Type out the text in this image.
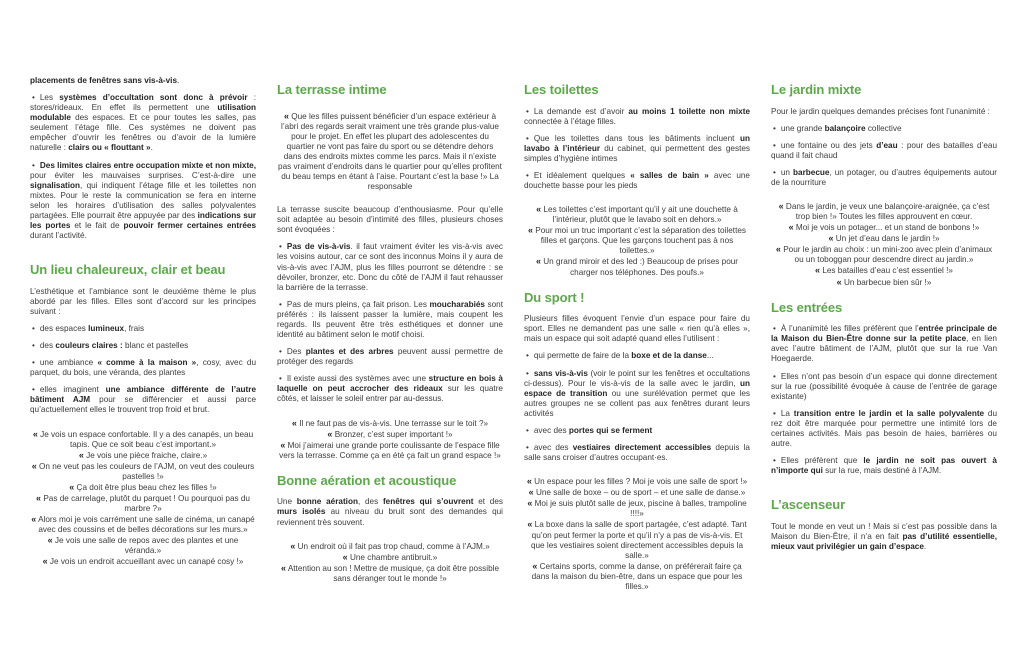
placements de fenêtres sans vis-à-vis.
• Les systèmes d’occultation sont donc à prévoir : stores/rideaux. En effet ils permettent une utilisation modulable des espaces. Et ce pour toutes les salles, pas seulement l’étage fille. Ces systèmes ne doivent pas empêcher d’ouvrir les fenêtres ou d’avoir de la lumière naturelle : clairs ou « flouttant ».
• Des limites claires entre occupation mixte et non mixte, pour éviter les mauvaises surprises. C’est-à-dire une signalisation, qui indiquent l’étage fille et les toilettes non mixtes. Pour le reste la communication se fera en interne selon les horaires d’utilisation des salles polyvalentes partagées. Elle pourrait être appuyée par des indications sur les portes et le fait de pouvoir fermer certaines entrées durant l’activité.
Un lieu chaleureux, clair et beau
L’esthétique et l’ambiance sont le deuxième thème le plus abordé par les filles. Elles sont d’accord sur les principes suivant :
• des espaces lumineux, frais
• des couleurs claires : blanc et pastelles
• une ambiance « comme à la maison », cosy, avec du parquet, du bois, une véranda, des plantes
• elles imaginent une ambiance différente de l’autre bâtiment AJM pour se différencier et aussi parce qu’actuellement elles le trouvent trop froid et brut.
« Je vois un espace confortable. Il y a des canapés, un beau tapis. Que ce soit beau c’est important.»
« Je vois une pièce fraiche, claire.»
« On ne veut pas les couleurs de l’AJM, on veut des couleurs pastelles !»
« Ça doit être plus beau chez les filles !»
« Pas de carrelage, plutôt du parquet ! Ou pourquoi pas du marbre ?»
« Alors moi je vois carrément une salle de cinéma, un canapé avec des coussins et de belles décorations sur les murs.»
« Je vois une salle de repos avec des plantes et une véranda.»
« Je vois un endroit accueillant avec un canapé cosy !»
La terrasse intime
« Que les filles puissent bénéficier d’un espace extérieur à l’abri des regards serait vraiment une très grande plus-value pour le projet. En effet les plupart des adolescentes du quartier ne vont pas faire du sport ou se détendre dehors dans des endroits mixtes comme les parcs. Mais il n’existe pas vraiment d’endroits dans le quartier pour qu’elles profitent du beau temps en étant à l’aise. Pourtant c’est la base !» La responsable
La terrasse suscite beaucoup d’enthousiasme. Pour qu’elle soit adaptée au besoin d’intimité des filles, plusieurs choses sont évoquées :
• Pas de vis-à-vis. il faut vraiment éviter les vis-à-vis avec les voisins autour, car ce sont des inconnus Moins il y aura de vis-à-vis avec l’AJM, plus les filles pourront se détendre : se dévoiler, bronzer, etc. Donc du côté de l’AJM il faut rehausser la barrière de la terrasse.
• Pas de murs pleins, ça fait prison. Les moucharabiés sont préférés : ils laissent passer la lumière, mais coupent les regards. Ils peuvent être très esthétiques et donner une identité au bâtiment selon le motif choisi.
• Des plantes et des arbres peuvent aussi permettre de protéger des regards
• Il existe aussi des systèmes avec une structure en bois à laquelle on peut accrocher des rideaux sur les quatre côtés, et laisser le soleil entrer par au-dessus.
« Il ne faut pas de vis-à-vis. Une terrasse sur le toit ?»
« Bronzer, c’est super important !»
« Moi j’aimerai une grande porte coulissante de l’espace fille vers la terrasse. Comme ça en été ça fait un grand espace !»
Bonne aération et acoustique
Une bonne aération, des fenêtres qui s’ouvrent et des murs isolés au niveau du bruit sont des demandes qui reviennent très souvent.
« Un endroit où il fait pas trop chaud, comme à l’AJM.»
« Une chambre antibruit.»
« Attention au son ! Mettre de musique, ça doit être possible sans déranger tout le monde !»
Les toilettes
• La demande est d’avoir au moins 1 toilette non mixte connectée à l’étage filles.
• Que les toilettes dans tous les bâtiments incluent un lavabo à l’intérieur du cabinet, qui permettent des gestes simples d’hygiène intimes
• Et idéalement quelques « salles de bain » avec une douchette basse pour les pieds
« Les toilettes c’est important qu’il y ait une douchette à l’intérieur, plutôt que le lavabo soit en dehors.»
« Pour moi un truc important c’est la séparation des toilettes filles et garçons. Que les garçons touchent pas à nos toilettes.»
« Un grand miroir et des led :) Beaucoup de prises pour charger nos téléphones. Des poufs.»
Du sport !
Plusieurs filles évoquent l’envie d’un espace pour faire du sport. Elles ne demandent pas une salle « rien qu’à elles », mais un espace qui soit adapté quand elles l’utilisent :
• qui permette de faire de la boxe et de la danse...
• sans vis-à-vis (voir le point sur les fenêtres et occultations ci-dessus). Pour le vis-à-vis de la salle avec le jardin, un espace de transition ou une surélévation permet que les autres groupes ne se collent pas aux fenêtres durant leurs activités
• avec des portes qui se ferment
• avec des vestiaires directement accessibles depuis la salle sans croiser d’autres occupant·es.
« Un espace pour les filles ? Moi je vois une salle de sport !»
« Une salle de boxe – ou de sport – et une salle de danse.»
« Moi je suis plutôt salle de jeux, piscine à balles, trampoline !!!!»
« La boxe dans la salle de sport partagée, c’est adapté. Tant qu’on peut fermer la porte et qu’il n’y a pas de vis-à-vis. Et que les vestiaires soient directement accessibles depuis la salle.»
« Certains sports, comme la danse, on préférerait faire ça dans la maison du bien-être, dans un espace que pour les filles.»
Le jardin mixte
Pour le jardin quelques demandes précises font l’unanimité :
• une grande balançoire collective
• une fontaine ou des jets d’eau : pour des batailles d’eau quand il fait chaud
• un barbecue, un potager, ou d’autres équipements autour de la nourriture
« Dans le jardin, je veux une balançoire-araignée, ça c’est trop bien !» Toutes les filles approuvent en cœur.
« Moi je vois un potager... et un stand de bonbons !»
« Un jet d’eau dans le jardin !»
« Pour le jardin au choix : un mini-zoo avec plein d’animaux ou un toboggan pour descendre direct au jardin.»
« Les batailles d’eau c’est essentiel !»
« Un barbecue bien sûr !»
Les entrées
• À l’unanimité les filles préfèrent que l’entrée principale de la Maison du Bien-Être donne sur la petite place, en lien avec l’autre bâtiment de l’AJM, plutôt que sur la rue Van Hoegaerde.
• Elles n’ont pas besoin d’un espace qui donne directement sur la rue (possibilité évoquée à cause de l’entrée de garage existante)
• La transition entre le jardin et la salle polyvalente du rez doit être marquée pour permettre une intimité lors de certaines activités. Mais pas besoin de haies, barrières ou autre.
• Elles préfèrent que le jardin ne soit pas ouvert à n’importe qui sur la rue, mais destiné à l’AJM.
L’ascenseur
Tout le monde en veut un ! Mais si c’est pas possible dans la Maison du Bien-Être, il n’a en fait pas d’utilité essentielle, mieux vaut privilégier un gain d’espace.
